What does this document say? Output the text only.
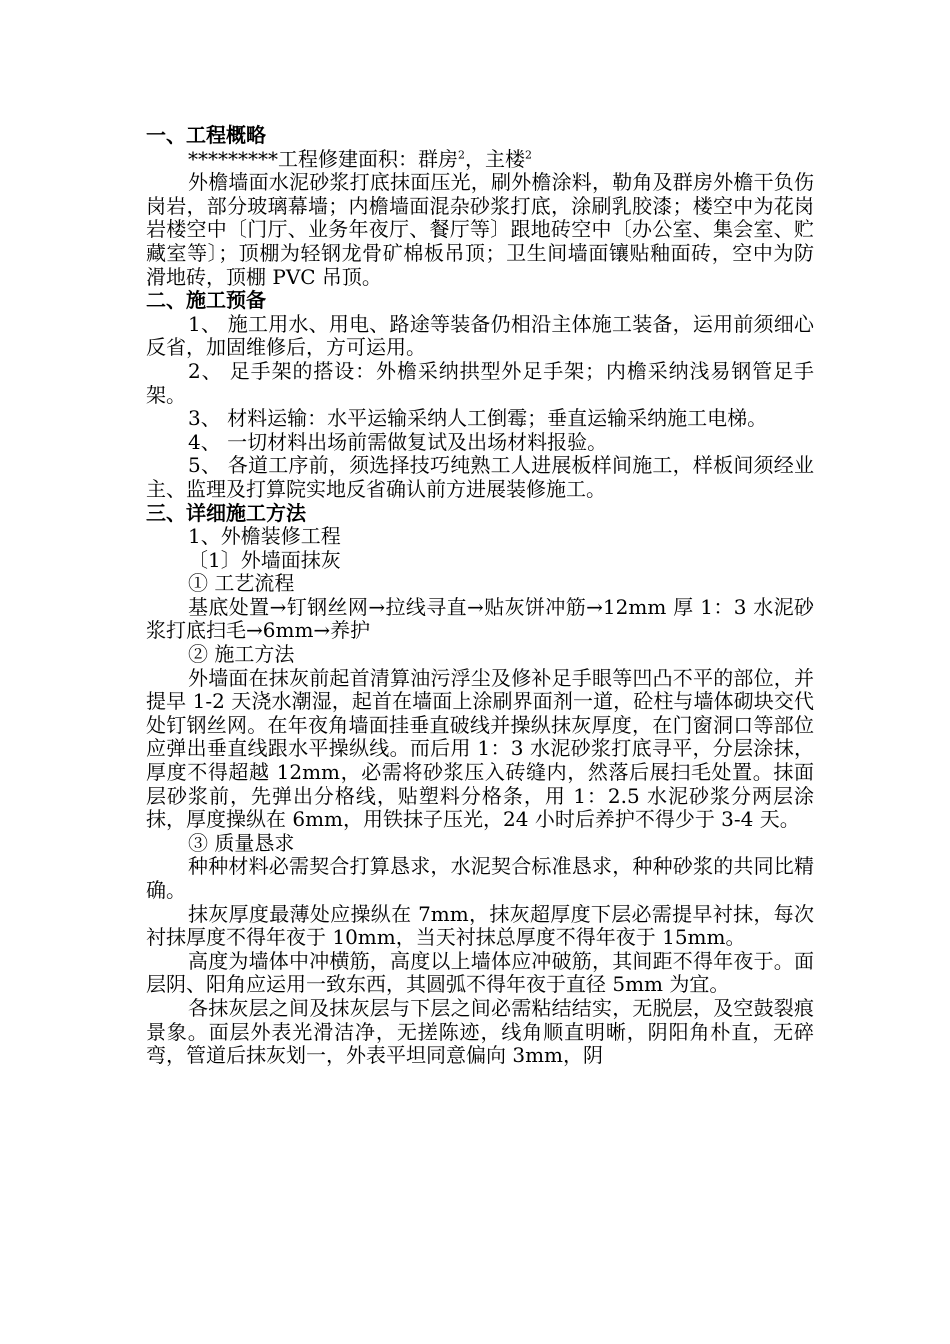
一、工程概略

*********工程修建面积：群房$^2$，主楼$^2$

外檐墙面水泥砂浆打底抹面压光，刷外檐涂料，勒角及群房外檐干负伤岗岩，部分玻璃幕墙；内檐墙面混杂砂浆打底，涂刷乳胶漆；楼空中为花岗岩楼空中〔门厅、业务年夜厅、餐厅等〕跟地砖空中〔办公室、集会室、贮藏室等〕；顶棚为轻钢龙骨矿棉板吊顶；卫生间墙面镶贴釉面砖，空中为防滑地砖，顶棚 PVC 吊顶。

二、施工预备

1、 施工用水、用电、路途等装备仍相沿主体施工装备，运用前须细心反省，加固维修后，方可运用。

2、 足手架的搭设：外檐采纳拱型外足手架；内檐采纳浅易钢管足手架。

3、 材料运输：水平运输采纳人工倒霉；垂直运输采纳施工电梯。

4、 一切材料出场前需做复试及出场材料报验。

5、 各道工序前，须选择技巧纯熟工人进展板样间施工，样板间须经业主、监理及打算院实地反省确认前方进展装修施工。

三、详细施工方法

1、外檐装修工程

〔1〕外墙面抹灰

① 工艺流程

基底处置→钉钢丝网→拉线寻直→贴灰饼冲筋→12mm 厚 1：3 水泥砂浆打底扫毛→6mm→养护

② 施工方法

外墙面在抹灰前起首清算油污浮尘及修补足手眼等凹凸不平的部位，并提早 1-2 天浇水潮湿，起首在墙面上涂刷界面剂一道，砼柱与墙体砌块交代处钉钢丝网。在年夜角墙面挂垂直破线并操纵抹灰厚度，在门窗洞口等部位应弹出垂直线跟水平操纵线。而后用 1：3 水泥砂浆打底寻平，分层涂抹，厚度不得超越 12mm，必需将砂浆压入砖缝内，然落后展扫毛处置。抹面层砂浆前，先弹出分格线，贴塑料分格条，用 1：2.5 水泥砂浆分两层涂抹，厚度操纵在 6mm，用铁抹子压光，24 小时后养护不得少于 3-4 天。

③ 质量恳求

种种材料必需契合打算恳求，水泥契合标准恳求，种种砂浆的共同比精确。

抹灰厚度最薄处应操纵在 7mm，抹灰超厚度下层必需提早衬抹，每次衬抹厚度不得年夜于 10mm，当天衬抹总厚度不得年夜于 15mm。

高度为墙体中冲横筋，高度以上墙体应冲破筋，其间距不得年夜于。面层阴、阳角应运用一致东西，其圆弧不得年夜于直径 5mm 为宜。

各抹灰层之间及抹灰层与下层之间必需粘结结实，无脱层，及空鼓裂痕景象。面层外表光滑洁净，无搓陈迹，线角顺直明晰，阴阳角朴直，无碎弯，管道后抹灰划一，外表平坦同意偏向 3mm，阴
